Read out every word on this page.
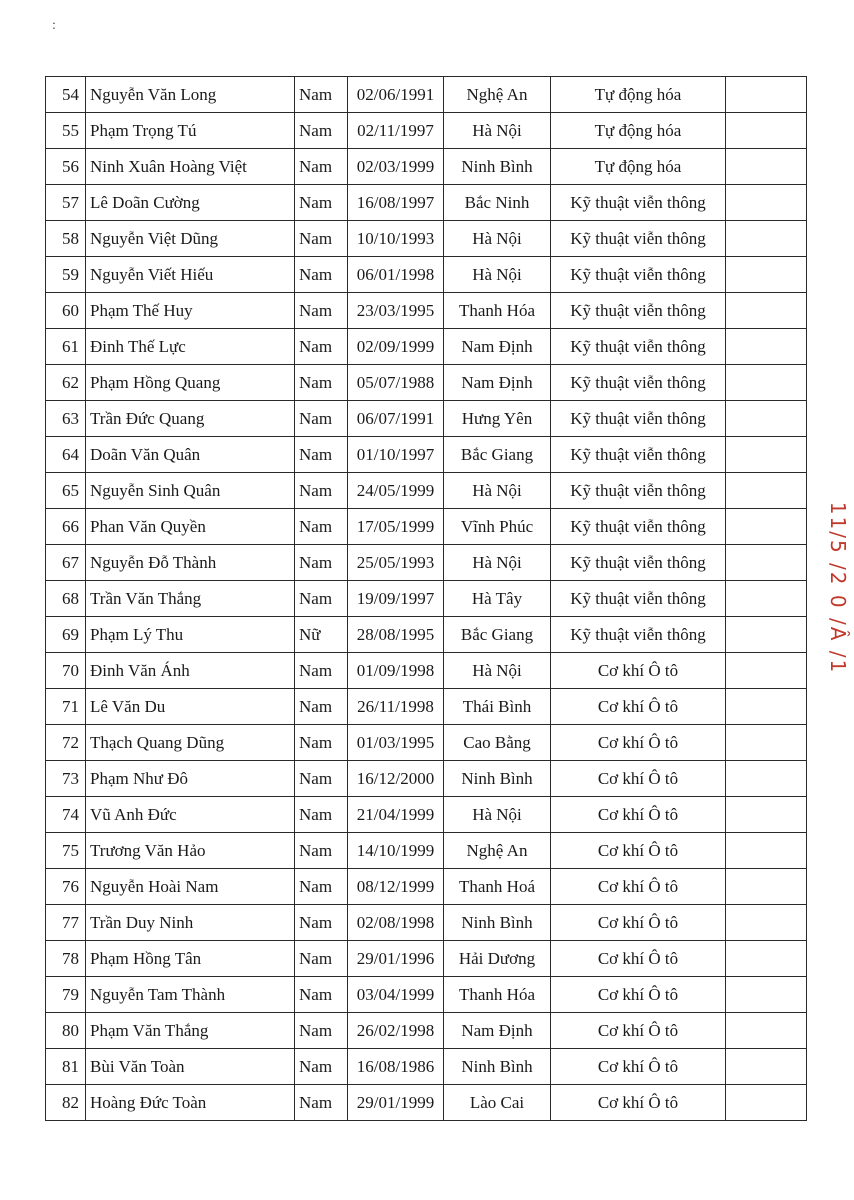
:
54	Nguyễn Văn Long	Nam	02/06/1991	Nghệ An	Tự động hóa	
55	Phạm Trọng Tú	Nam	02/11/1997	Hà Nội	Tự động hóa	
56	Ninh Xuân Hoàng Việt	Nam	02/03/1999	Ninh Bình	Tự động hóa	
57	Lê Doãn Cường	Nam	16/08/1997	Bắc Ninh	Kỹ thuật viễn thông	
58	Nguyễn Việt Dũng	Nam	10/10/1993	Hà Nội	Kỹ thuật viễn thông	
59	Nguyễn Viết Hiếu	Nam	06/01/1998	Hà Nội	Kỹ thuật viễn thông	
60	Phạm Thế Huy	Nam	23/03/1995	Thanh Hóa	Kỹ thuật viễn thông	
61	Đinh Thế Lực	Nam	02/09/1999	Nam Định	Kỹ thuật viễn thông	
62	Phạm Hồng Quang	Nam	05/07/1988	Nam Định	Kỹ thuật viễn thông	
63	Trần Đức Quang	Nam	06/07/1991	Hưng Yên	Kỹ thuật viễn thông	
64	Doãn Văn Quân	Nam	01/10/1997	Bắc Giang	Kỹ thuật viễn thông	
65	Nguyễn Sinh Quân	Nam	24/05/1999	Hà Nội	Kỹ thuật viễn thông	
66	Phan Văn Quyền	Nam	17/05/1999	Vĩnh Phúc	Kỹ thuật viễn thông	
67	Nguyễn Đỗ Thành	Nam	25/05/1993	Hà Nội	Kỹ thuật viễn thông	
68	Trần Văn Thắng	Nam	19/09/1997	Hà Tây	Kỹ thuật viễn thông	
69	Phạm Lý Thu	Nữ	28/08/1995	Bắc Giang	Kỹ thuật viễn thông	
70	Đinh Văn Ánh	Nam	01/09/1998	Hà Nội	Cơ khí Ô tô	
71	Lê Văn Du	Nam	26/11/1998	Thái Bình	Cơ khí Ô tô	
72	Thạch Quang Dũng	Nam	01/03/1995	Cao Bằng	Cơ khí Ô tô	
73	Phạm Như Đô	Nam	16/12/2000	Ninh Bình	Cơ khí Ô tô	
74	Vũ Anh Đức	Nam	21/04/1999	Hà Nội	Cơ khí Ô tô	
75	Trương Văn Hảo	Nam	14/10/1999	Nghệ An	Cơ khí Ô tô	
76	Nguyễn Hoài Nam	Nam	08/12/1999	Thanh Hoá	Cơ khí Ô tô	
77	Trần Duy Ninh	Nam	02/08/1998	Ninh Bình	Cơ khí Ô tô	
78	Phạm Hồng Tân	Nam	29/01/1996	Hải Dương	Cơ khí Ô tô	
79	Nguyễn Tam Thành	Nam	03/04/1999	Thanh Hóa	Cơ khí Ô tô	
80	Phạm Văn Thắng	Nam	26/02/1998	Nam Định	Cơ khí Ô tô	
81	Bùi Văn Toàn	Nam	16/08/1986	Ninh Bình	Cơ khí Ô tô	
82	Hoàng Đức Toàn	Nam	29/01/1999	Lào Cai	Cơ khí Ô tô	
11/5 /2 0 /Â /1
